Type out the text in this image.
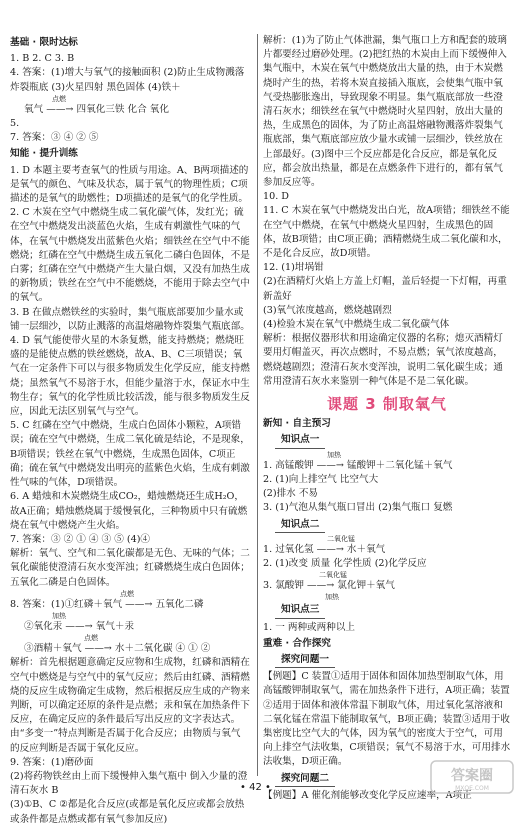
基础 · 限时达标

1. B 2. C 3. B

4. 答案：(1)增大与氧气的接触面积 (2)防止生成物溅落炸裂瓶底 (3)火星四射 黑色固体 (4)铁＋

点燃
氧气 ——→ 四氧化三铁 化合 氧化

5.

7. 答案：③ ④ ② ⑤

知能 · 提升训练

1. D 本题主要考查氧气的性质与用途。A、B两项描述的是氧气的颜色、气味及状态，属于氧气的物理性质；C项描述的是氧气的助燃性；D项描述的是氧气的化学性质。

2. C 木炭在空气中燃烧生成二氧化碳气体，发红光；硫在空气中燃烧发出淡蓝色火焰，生成有刺激性气味的气体，在氧气中燃烧发出蓝紫色火焰；细铁丝在空气中不能燃烧；红磷在空气中燃烧生成五氧化二磷白色固体，不是白雾；红磷在空气中燃烧产生大量白烟，又没有加热生成的新物质；铁丝在空气中不能燃烧，不能用于除去空气中的氧气。

3. B 在做点燃铁丝的实验时，集气瓶底部要加少量水或铺一层细沙，以防止溅落的高温熔融物炸裂集气瓶底部。

4. D 氧气能使带火星的木条复燃，能支持燃烧；燃烧旺盛的是能使点燃的铁丝燃烧，故A、B、C三项错误；氧气在一定条件下可以与很多物质发生化学反应，能支持燃烧；虽然氧气不易溶于水，但能少量溶于水，保证水中生物生存；氧气的化学性质比较活泼，能与很多物质发生反应，因此无法区别氧气与空气。

5. C 红磷在空气中燃烧，生成白色固体小颗粒，A项错误；硫在空气中燃烧，生成二氧化硫是结论，不是现象，B项错误；铁丝在氧气中燃烧，生成黑色固体，C项正确；硫在氧气中燃烧发出明亮的蓝紫色火焰，生成有刺激性气味的气体，D项错误。

6. A 蜡烛和木炭燃烧生成CO₂，蜡烛燃烧还生成H₂O，故A正确；蜡烛燃烧属于缓慢氧化，三种物质中只有硫燃烧在氧气中燃烧产生火焰。

7. 答案：③ ② ① ④ ③ ⑤ (4)④

解析：氧气、空气和二氧化碳都是无色、无味的气体；二氧化碳能使澄清石灰水变浑浊；红磷燃烧生成白色固体；五氧化二磷是白色固体。

点燃
8. 答案：(1)①红磷＋氧气 ——→ 五氧化二磷
加热
②氧化汞 ——→ 氧气＋汞
点燃
③酒精＋氧气 ——→ 水＋二氧化碳 ④ ① ②

解析：首先根据题意确定反应物和生成物，红磷和酒精在空气中燃烧是与空气中的氧气反应；然后由红磷、酒精燃烧的反应生成物确定生成物，然后根据反应生成的产物来判断，可以确定还原的条件是点燃；汞和氧在加热条件下反应，在确定反应的条件最后写出反应的文字表达式。由“多变一”特点判断是否属于化合反应；由物质与氧气的反应判断是否属于氧化反应。

9. 答案：(1)磨砂面

(2)将药物铁丝由上而下缓慢伸入集气瓶中 倒入少量的澄清石灰水 B

(3)①B、C ②都是化合反应(或都是氧化反应或都会放热或条件都是点燃或都有氧气参加反应)

解析：(1)为了防止气体泄漏，集气瓶口上方和配套的玻璃片都要经过磨砂处理。(2)把红热的木炭由上而下缓慢伸入集气瓶中，木炭在氧气中燃烧放出大量的热，由于木炭燃烧时产生的热，若将木炭直接插入瓶底，会使集气瓶中氧气受热膨胀逸出，导致现象不明显。集气瓶底部放一些澄清石灰水；细铁丝在氧气中燃烧时火星四射，放出大量的热，生成黑色的固体，为了防止高温熔融物溅落炸裂集气瓶底部，集气瓶底部应放少量水或铺一层细沙，铁丝放在上部最好。(3)图中三个反应都是化合反应，都是氧化反应，都会放出热量，都是在点燃条件下进行的，都有氧气参加反应等。

10. D

11. C 木炭在氧气中燃烧发出白光，故A项错；细铁丝不能在空气中燃烧，在氧气中燃烧火星四射，生成黑色的固体，故B项错；由C项正确；酒精燃烧生成二氧化碳和水，不是化合反应，故D项错。

12. (1)坩埚钳

(2)在酒精灯火焰上方盖上灯帽，盖后轻提一下灯帽，再重新盖好

(3)氧气浓度越高，燃烧越剧烈

(4)检验木炭在氧气中燃烧生成二氧化碳气体

解析：根据仪器形状和用途确定仪器的名称；熄灭酒精灯要用灯帽盖灭，再次点燃时，不易点燃；氧气浓度越高，燃烧越剧烈；澄清石灰水变浑浊，说明二氧化碳生成；通常用澄清石灰水来鉴别一种气体是不是二氧化碳。

课题 3 制取氧气
新知 · 自主预习
知识点一
加热
1. 高锰酸钾 ——→ 锰酸钾＋二氧化锰＋氧气

2. (1)向上排空气 比空气大

(2)排水 不易

3. (1)气泡从集气瓶口冒出 (2)集气瓶口 复燃

知识点二
二氧化锰
1. 过氧化氢 ——→ 水＋氧气

2. (1)改变 质量 化学性质 (2)化学反应

二氧化锰
3. 氯酸钾 ——→ 氯化钾＋氧气
加热
知识点三

1. 一 两种或两种以上

重难 · 合作探究
探究问题一

【例题】C 装置①适用于固体和固体加热型制取气体，用高锰酸钾制取氧气，需在加热条件下进行，A项正确；装置②适用于固体和液体常温下制取气体，用过氧化氢溶液和二氧化锰在常温下能制取氧气，B项正确；装置③适用于收集密度比空气大的气体，因为氧气的密度大于空气，可用向上排空气法收集，C项错误；氧气不易溶于水，可用排水法收集，D项正确。

探究问题二

【例题】A 催化剂能够改变化学反应速率，A项正

• 42 •
答案圈
MXQE.COM
